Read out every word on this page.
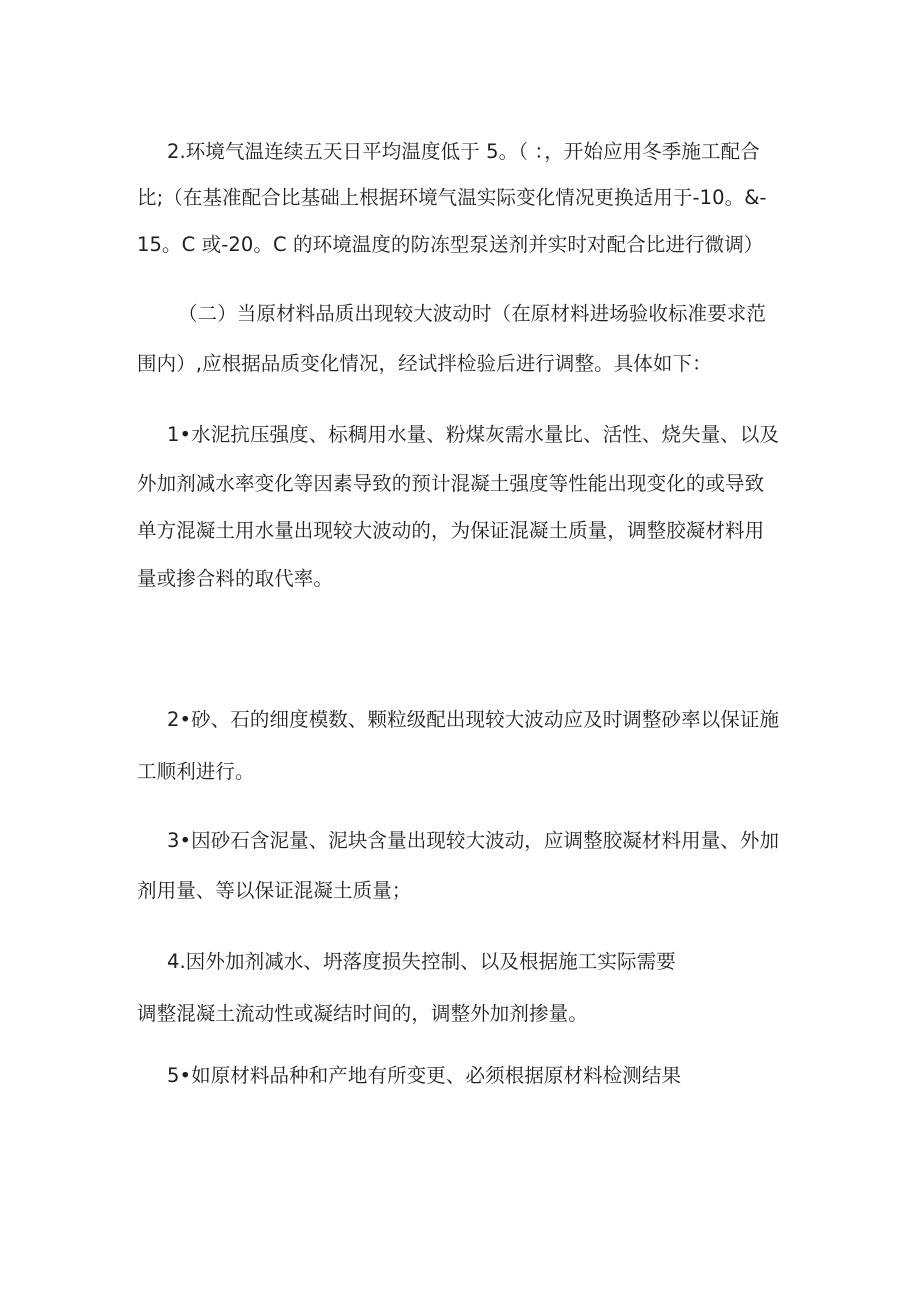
2.环境气温连续五天日平均温度低于 5。（ ：，开始应用冬季施工配合
比;（在基准配合比基础上根据环境气温实际变化情况更换适用于-10。&-
15。C 或-20。C 的环境温度的防冻型泵送剂并实时对配合比进行微调）
（二）当原材料品质出现较大波动时（在原材料进场验收标准要求范
围内）,应根据品质变化情况，经试拌检验后进行调整。具体如下：
1•水泥抗压强度、标稠用水量、粉煤灰需水量比、活性、烧失量、以及
外加剂减水率变化等因素导致的预计混凝土强度等性能出现变化的或导致
单方混凝土用水量出现较大波动的，为保证混凝土质量，调整胶凝材料用
量或掺合料的取代率。
2•砂、石的细度模数、颗粒级配出现较大波动应及时调整砂率以保证施
工顺利进行。
3•因砂石含泥量、泥块含量出现较大波动，应调整胶凝材料用量、外加
剂用量、等以保证混凝土质量；
4.因外加剂减水、坍落度损失控制、以及根据施工实际需要
调整混凝土流动性或凝结时间的，调整外加剂掺量。
5•如原材料品种和产地有所变更、必须根据原材料检测结果
